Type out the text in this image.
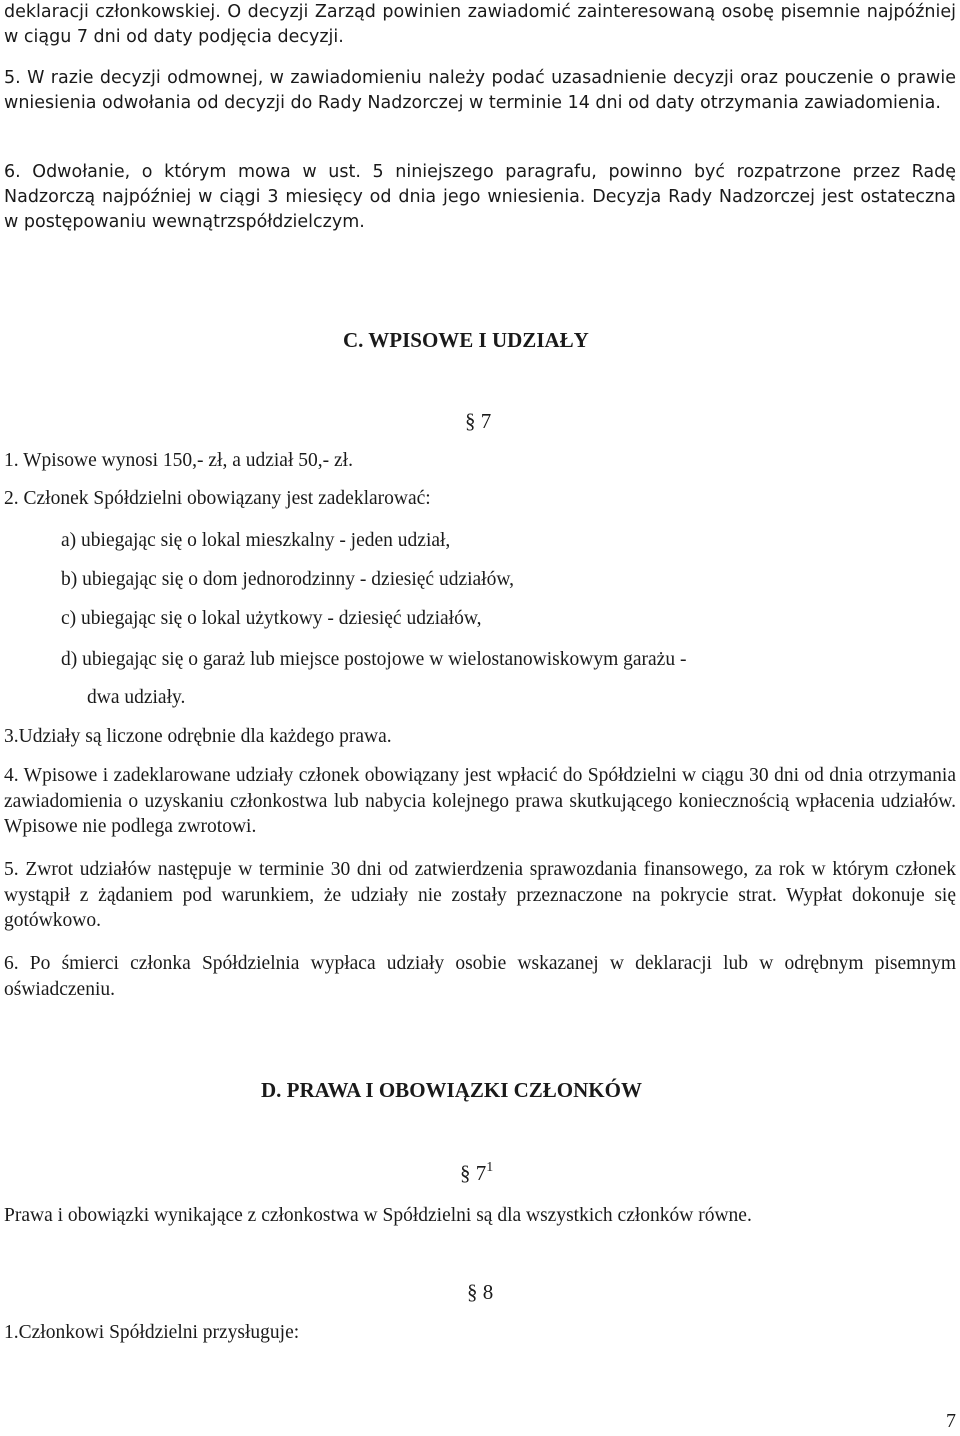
deklaracji członkowskiej. O decyzji Zarząd powinien zawiadomić zainteresowaną osobę pisemnie najpóźniej w ciągu 7 dni od daty podjęcia decyzji.

5. W razie decyzji odmownej, w zawiadomieniu należy podać uzasadnienie decyzji oraz pouczenie o prawie wniesienia odwołania od decyzji do Rady Nadzorczej w terminie 14 dni od daty otrzymania zawiadomienia.

6. Odwołanie, o którym mowa w ust. 5 niniejszego paragrafu, powinno być rozpatrzone przez Radę Nadzorczą najpóźniej w ciągi 3 miesięcy od dnia jego wniesienia. Decyzja Rady Nadzorczej jest ostateczna w postępowaniu wewnątrzspółdzielczym.

C. WPISOWE I UDZIAŁY
§ 7

1. Wpisowe wynosi 150,- zł, a udział 50,- zł.

2. Członek Spółdzielni obowiązany jest zadeklarować:

a) ubiegając się o lokal mieszkalny - jeden udział,

b) ubiegając się o dom jednorodzinny - dziesięć udziałów,

c) ubiegając się o lokal użytkowy - dziesięć udziałów,

d) ubiegając się o garaż lub miejsce postojowe w wielostanowiskowym garażu -

dwa udziały.

3.Udziały są liczone odrębnie dla każdego prawa.

4. Wpisowe i zadeklarowane udziały członek obowiązany jest wpłacić do Spółdzielni w ciągu 30 dni od dnia otrzymania zawiadomienia o uzyskaniu członkostwa lub nabycia kolejnego prawa skutkującego koniecznością wpłacenia udziałów. Wpisowe nie podlega zwrotowi.

5. Zwrot udziałów następuje w terminie 30 dni od zatwierdzenia sprawozdania finansowego, za rok w którym członek wystąpił z żądaniem pod warunkiem, że udziały nie zostały przeznaczone na pokrycie strat. Wypłat dokonuje się gotówkowo.

6. Po śmierci członka Spółdzielnia wypłaca udziały osobie wskazanej w deklaracji lub w odrębnym pisemnym oświadczeniu.

D. PRAWA I OBOWIĄZKI CZŁONKÓW
§ $7^1$

Prawa i obowiązki wynikające z członkostwa w Spółdzielni są dla wszystkich członków równe.

§ 8

1.Członkowi Spółdzielni przysługuje:

7
